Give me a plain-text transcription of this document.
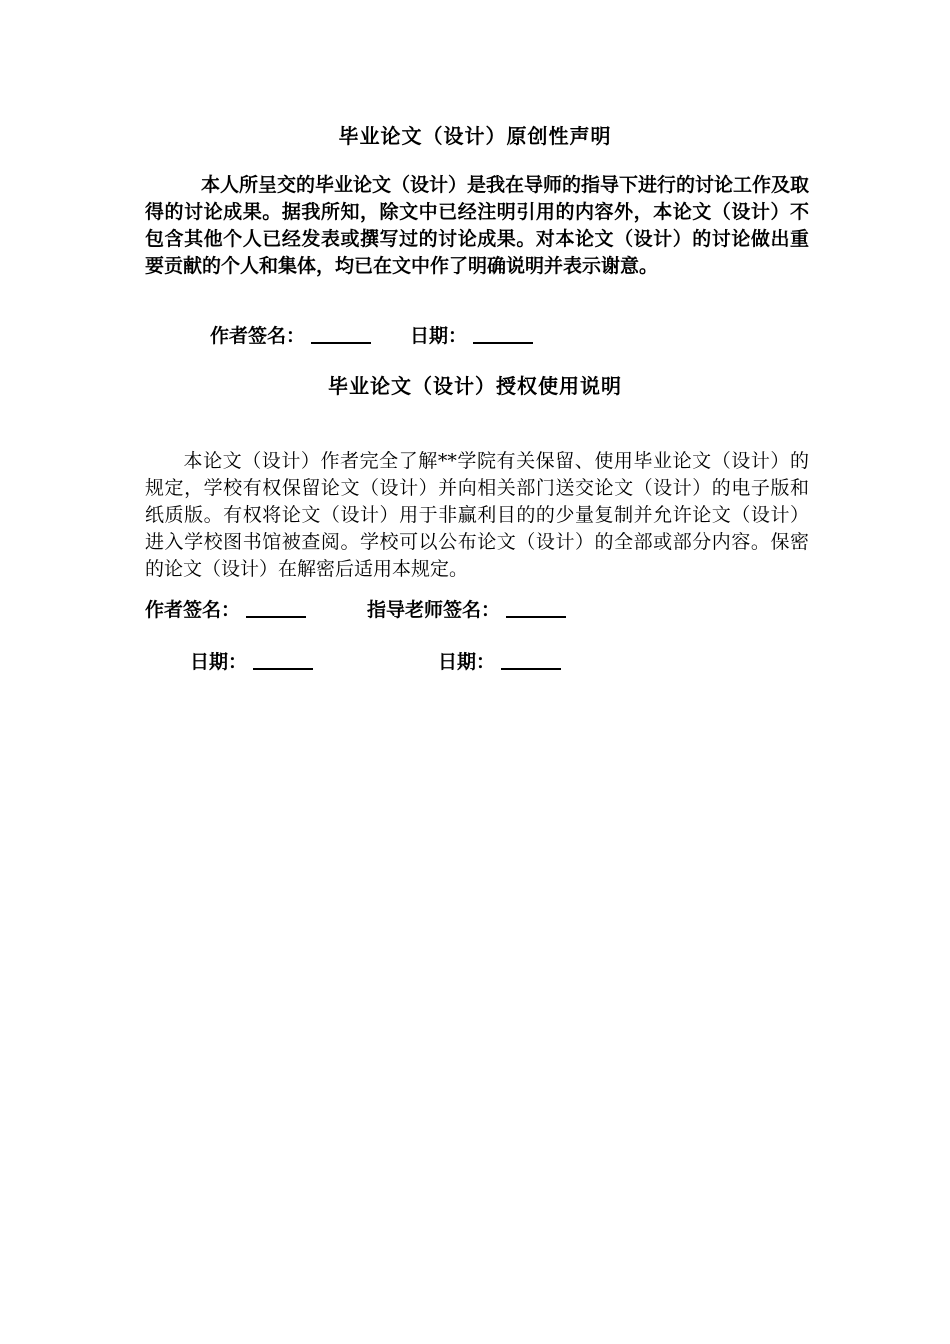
毕业论文（设计）原创性声明
本人所呈交的毕业论文（设计）是我在导师的指导下进行的讨论工作及取得的讨论成果。据我所知，除文中已经注明引用的内容外，本论文（设计）不包含其他个人已经发表或撰写过的讨论成果。对本论文（设计）的讨论做出重要贡献的个人和集体，均已在文中作了明确说明并表示谢意。
作者签名：	日期：
毕业论文（设计）授权使用说明
本论文（设计）作者完全了解**学院有关保留、使用毕业论文（设计）的规定，学校有权保留论文（设计）并向相关部门送交论文（设计）的电子版和纸质版。有权将论文（设计）用于非赢利目的的少量复制并允许论文（设计）进入学校图书馆被查阅。学校可以公布论文（设计）的全部或部分内容。保密的论文（设计）在解密后适用本规定。
作者签名：	指导老师签名：
日期：	日期：
